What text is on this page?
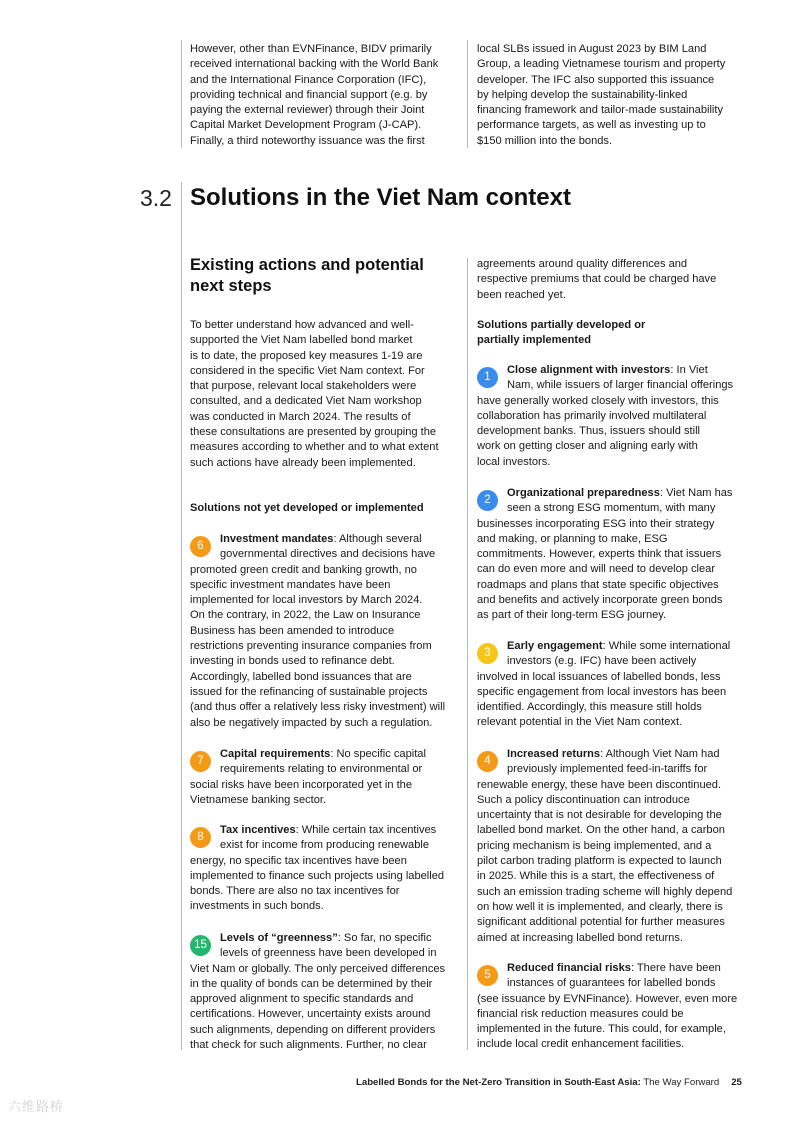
However, other than EVNFinance, BIDV primarily
received international backing with the World Bank
and the International Finance Corporation (IFC),
providing technical and financial support (e.g. by
paying the external reviewer) through their Joint
Capital Market Development Program (J-CAP).
Finally, a third noteworthy issuance was the first
local SLBs issued in August 2023 by BIM Land
Group, a leading Vietnamese tourism and property
developer. The IFC also supported this issuance
by helping develop the sustainability-linked
financing framework and tailor-made sustainability
performance targets, as well as investing up to
$150 million into the bonds.
3.2 Solutions in the Viet Nam context
Existing actions and potential
next steps
To better understand how advanced and well-
supported the Viet Nam labelled bond market
is to date, the proposed key measures 1-19 are
considered in the specific Viet Nam context. For
that purpose, relevant local stakeholders were
consulted, and a dedicated Viet Nam workshop
was conducted in March 2024. The results of
these consultations are presented by grouping the
measures according to whether and to what extent
such actions have already been implemented.
Solutions not yet developed or implemented
6
Investment mandates: Although several
governmental directives and decisions have
promoted green credit and banking growth, no
specific investment mandates have been
implemented for local investors by March 2024.
On the contrary, in 2022, the Law on Insurance
Business has been amended to introduce
restrictions preventing insurance companies from
investing in bonds used to refinance debt.
Accordingly, labelled bond issuances that are
issued for the refinancing of sustainable projects
(and thus offer a relatively less risky investment) will
also be negatively impacted by such a regulation.
7
Capital requirements: No specific capital
requirements relating to environmental or
social risks have been incorporated yet in the
Vietnamese banking sector.
8
Tax incentives: While certain tax incentives
exist for income from producing renewable
energy, no specific tax incentives have been
implemented to finance such projects using labelled
bonds. There are also no tax incentives for
investments in such bonds.
15
Levels of “greenness”: So far, no specific
levels of greenness have been developed in
Viet Nam or globally. The only perceived differences
in the quality of bonds can be determined by their
approved alignment to specific standards and
certifications. However, uncertainty exists around
such alignments, depending on different providers
that check for such alignments. Further, no clear
agreements around quality differences and
respective premiums that could be charged have
been reached yet.
Solutions partially developed or
partially implemented
1
Close alignment with investors: In Viet
Nam, while issuers of larger financial offerings
have generally worked closely with investors, this
collaboration has primarily involved multilateral
development banks. Thus, issuers should still
work on getting closer and aligning early with
local investors.
2
Organizational preparedness: Viet Nam has
seen a strong ESG momentum, with many
businesses incorporating ESG into their strategy
and making, or planning to make, ESG
commitments. However, experts think that issuers
can do even more and will need to develop clear
roadmaps and plans that state specific objectives
and benefits and actively incorporate green bonds
as part of their long-term ESG journey.
3
Early engagement: While some international
investors (e.g. IFC) have been actively
involved in local issuances of labelled bonds, less
specific engagement from local investors has been
identified. Accordingly, this measure still holds
relevant potential in the Viet Nam context.
4
Increased returns: Although Viet Nam had
previously implemented feed-in-tariffs for
renewable energy, these have been discontinued.
Such a policy discontinuation can introduce
uncertainty that is not desirable for developing the
labelled bond market. On the other hand, a carbon
pricing mechanism is being implemented, and a
pilot carbon trading platform is expected to launch
in 2025. While this is a start, the effectiveness of
such an emission trading scheme will highly depend
on how well it is implemented, and clearly, there is
significant additional potential for further measures
aimed at increasing labelled bond returns.
5
Reduced financial risks: There have been
instances of guarantees for labelled bonds
(see issuance by EVNFinance). However, even more
financial risk reduction measures could be
implemented in the future. This could, for example,
include local credit enhancement facilities.
Labelled Bonds for the Net-Zero Transition in South-East Asia: The Way Forward 25
六维路桥
